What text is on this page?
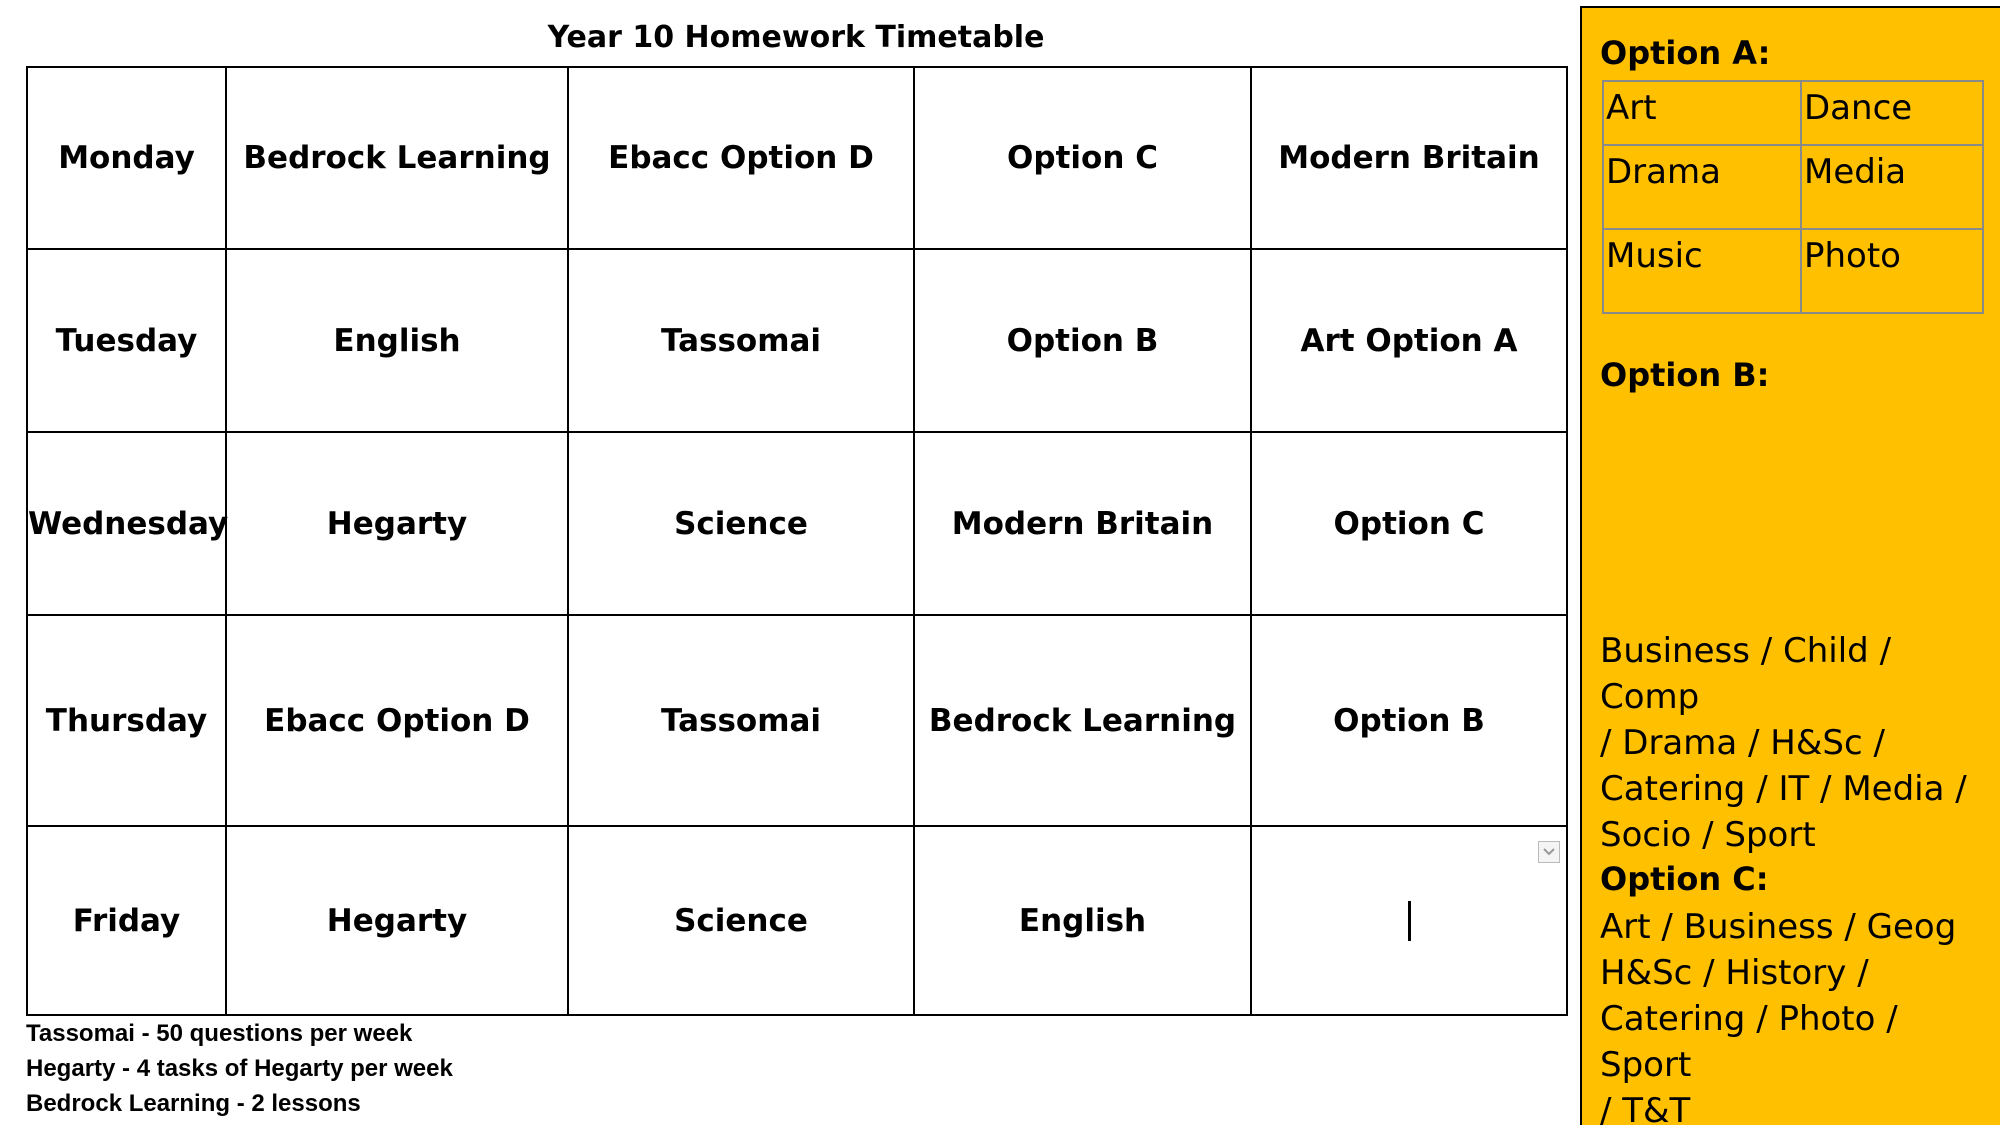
Year 10 Homework Timetable
Monday	Bedrock Learning	Ebacc Option D	Option C	Modern Britain
Tuesday	English	Tassomai	Option B	Art Option A
Wednesday	Hegarty	Science	Modern Britain	Option C
Thursday	Ebacc Option D	Tassomai	Bedrock Learning	Option B
Friday	Hegarty	Science	English	
Tassomai - 50 questions per week
Hegarty - 4 tasks of Hegarty per week
Bedrock Learning - 2 lessons
Option A:
Art	Dance
Drama	Media
Music	Photo
Option B:
Business / Child / Comp
/ Drama / H&Sc /
Catering / IT / Media /
Socio / Sport
Option C:
Art / Business / Geog
H&Sc / History /
Catering / Photo / Sport
/ T&T
